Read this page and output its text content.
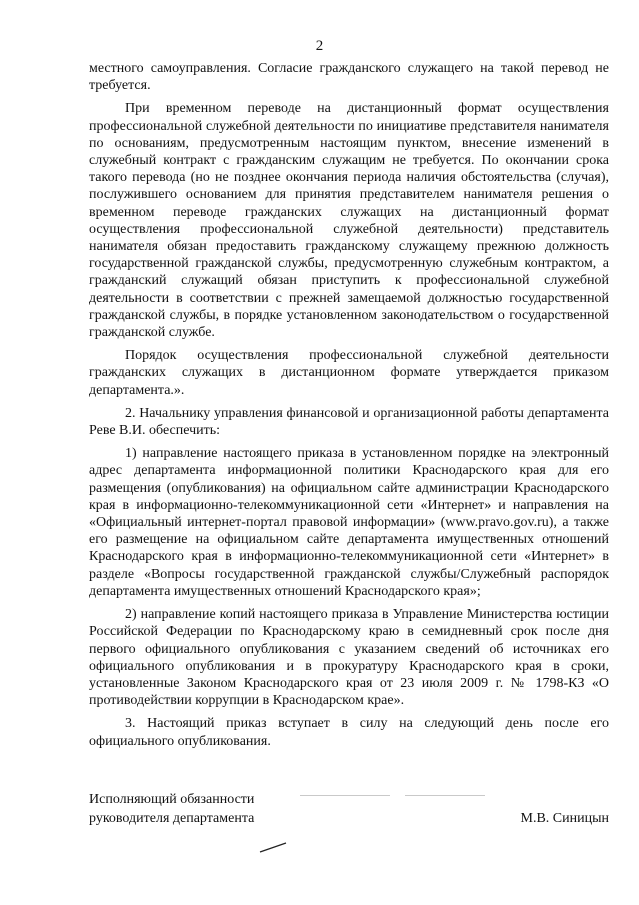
2

местного самоуправления. Согласие гражданского служащего на такой перевод не требуется.

При временном переводе на дистанционный формат осуществления профессиональной служебной деятельности по инициативе представителя нанимателя по основаниям, предусмотренным настоящим пунктом, внесение изменений в служебный контракт с гражданским служащим не требуется. По окончании срока такого перевода (но не позднее окончания периода наличия обстоятельства (случая), послужившего основанием для принятия представителем нанимателя решения о временном переводе гражданских служащих на дистанционный формат осуществления профессиональной служебной деятельности) представитель нанимателя обязан предоставить гражданскому служащему прежнюю должность государственной гражданской службы, предусмотренную служебным контрактом, а гражданский служащий обязан приступить к профессиональной служебной деятельности в соответствии с прежней замещаемой должностью государственной гражданской службы, в порядке установленном законодательством о государственной гражданской службе.

Порядок осуществления профессиональной служебной деятельности гражданских служащих в дистанционном формате утверждается приказом департамента.».

2. Начальнику управления финансовой и организационной работы департамента Реве В.И. обеспечить:

1) направление настоящего приказа в установленном порядке на электронный адрес департамента информационной политики Краснодарского края для его размещения (опубликования) на официальном сайте администрации Краснодарского края в информационно-телекоммуникационной сети «Интернет» и направления на «Официальный интернет-портал правовой информации» (www.pravo.gov.ru), а также его размещение на официальном сайте департамента имущественных отношений Краснодарского края в информационно-телекоммуникационной сети «Интернет» в разделе «Вопросы государственной гражданской службы/Служебный распорядок департамента имущественных отношений Краснодарского края»;

2) направление копий настоящего приказа в Управление Министерства юстиции Российской Федерации по Краснодарскому краю в семидневный срок после дня первого официального опубликования с указанием сведений об источниках его официального опубликования и в прокуратуру Краснодарского края в сроки, установленные Законом Краснодарского края от 23 июля 2009 г. № 1798-КЗ «О противодействии коррупции в Краснодарском крае».

3. Настоящий приказ вступает в силу на следующий день после его официального опубликования.

Исполняющий обязанности
руководителя департамента	М.В. Синицын
